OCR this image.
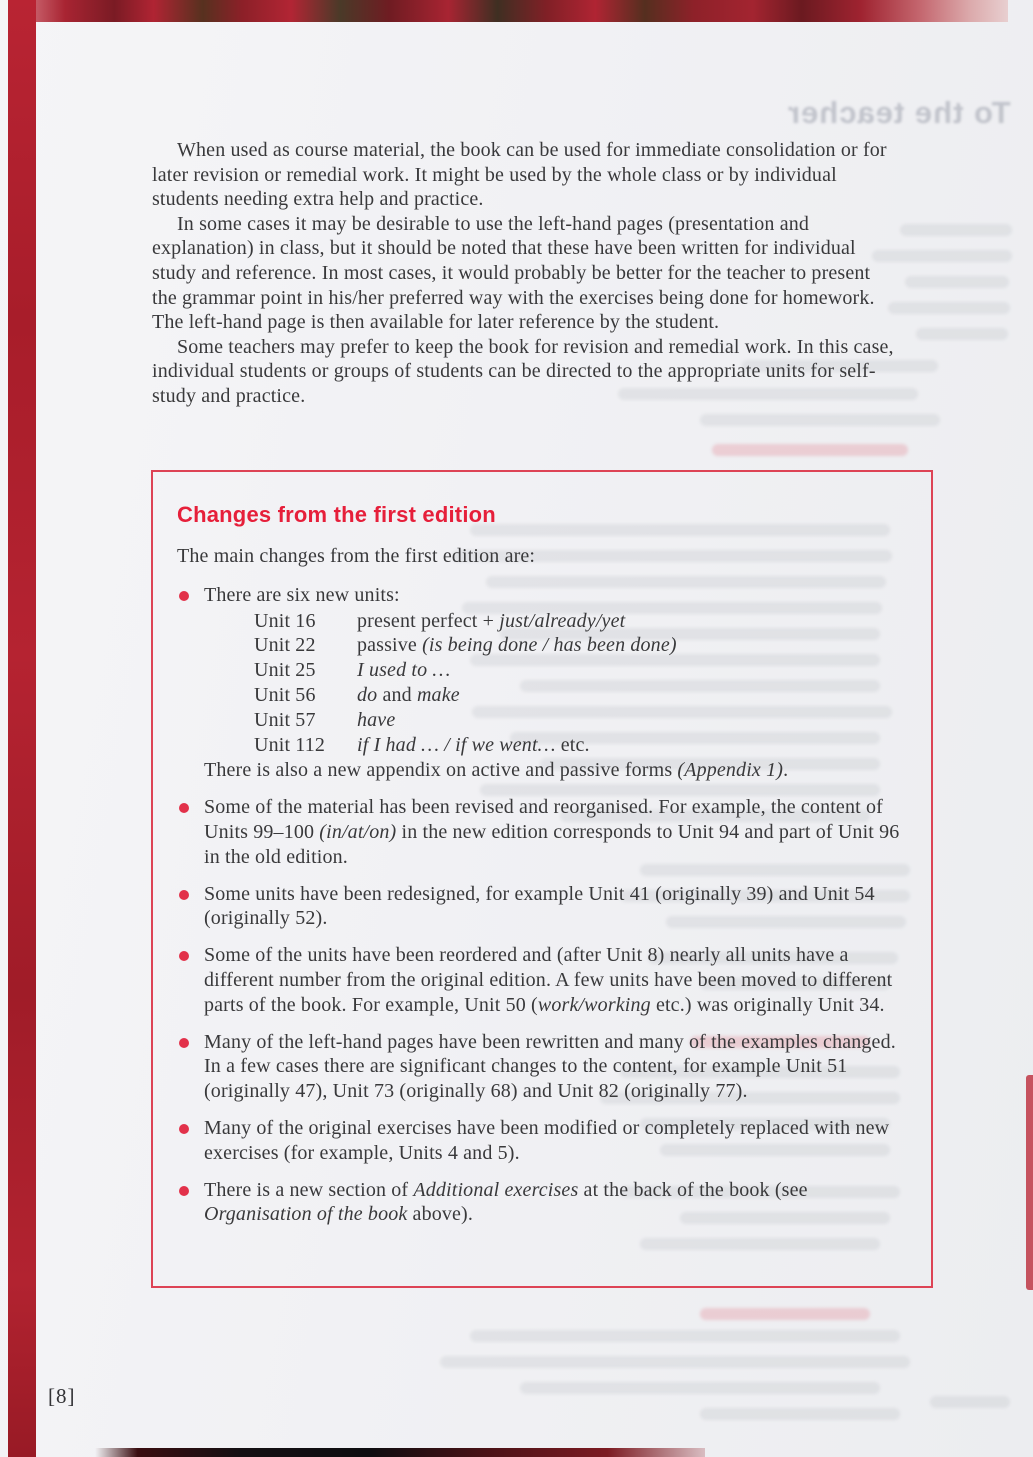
To the teacher

When used as course material, the book can be used for immediate consolidation or for later revision or remedial work. It might be used by the whole class or by individual students needing extra help and practice.

In some cases it may be desirable to use the left-hand pages (presentation and explanation) in class, but it should be noted that these have been written for individual study and reference. In most cases, it would probably be better for the teacher to present the grammar point in his/her preferred way with the exercises being done for homework. The left-hand page is then available for later reference by the student.

Some teachers may prefer to keep the book for revision and remedial work. In this case, individual students or groups of students can be directed to the appropriate units for self-study and practice.

Changes from the first edition

The main changes from the first edition are:

There are six new units:
Unit 16	present perfect + just/already/yet
Unit 22	passive (is being done / has been done)
Unit 25	I used to …
Unit 56	do and make
Unit 57	have
Unit 112	if I had … / if we went… etc.
There is also a new appendix on active and passive forms (Appendix 1).
Some of the material has been revised and reorganised. For example, the content of Units 99–100 (in/at/on) in the new edition corresponds to Unit 94 and part of Unit 96 in the old edition.
Some units have been redesigned, for example Unit 41 (originally 39) and Unit 54 (originally 52).
Some of the units have been reordered and (after Unit 8) nearly all units have a different number from the original edition. A few units have been moved to different parts of the book. For example, Unit 50 (work/working etc.) was originally Unit 34.
Many of the left-hand pages have been rewritten and many of the examples changed. In a few cases there are significant changes to the content, for example Unit 51 (originally 47), Unit 73 (originally 68) and Unit 82 (originally 77).
Many of the original exercises have been modified or completely replaced with new exercises (for example, Units 4 and 5).
There is a new section of Additional exercises at the back of the book (see Organisation of the book above).
[8]
